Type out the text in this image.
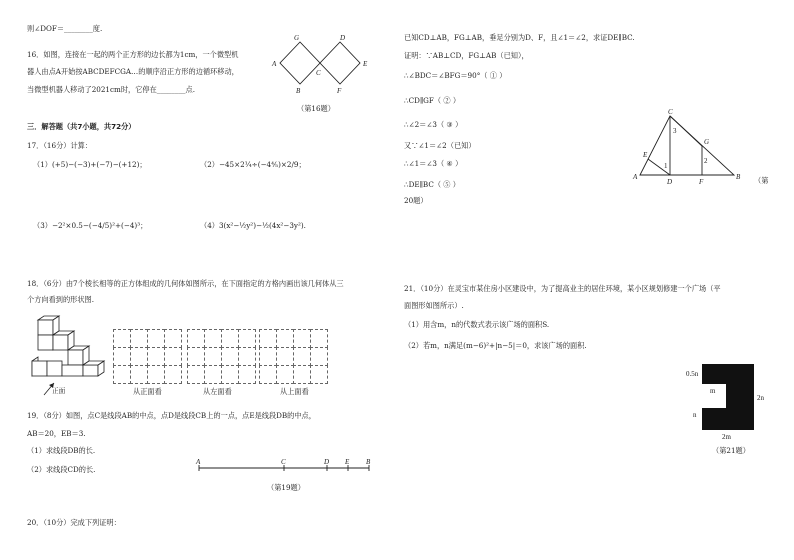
则∠DOF＝________度.
16．如图，连接在一起的两个正方形的边长都为1cm，一个微型机
器人由点A开始按ABCDEFCGA…的顺序沿正方形的边循环移动，
当微型机器人移动了2021cm时，它停在________点.
G	D
A
C
E
B	F
（第16题）
三．解答题（共7小题，共72分）
17．（16分）计算：
（1）(+5)−(−3)+(−7)−(+12)；	（2）−45×2¼÷(−4⅘)×2/9；
（3）−2²×0.5−(−4/5)²+(−4)³；	（4）3(x²−½y²)−½(4x²−3y²).
18．（6分）由7个棱长相等的正方体组成的几何体如图所示，在下面指定的方格内画出该几何体从三
个方向看到的形状图.
正面	从正面看	从左面看	从上面看
19．（8分）如图，点C是线段AB的中点，点D是线段CB上的一点，点E是线段DB的中点，
AB＝20，EB＝3.
（1）求线段DB的长.
（2）求线段CD的长.
A	C	D E B
（第19题）
20．（10分）完成下列证明：
已知CD⊥AB，FG⊥AB，垂足分别为D、F，且∠1＝∠2，求证DE∥BC.
证明：∵AB⊥CD，FG⊥AB（已知），
∴∠BDC＝∠BFG＝90°（ ① ）
∴CD∥GF（ ② ）
∴∠2＝∠3（ ③ ）
又∵∠1＝∠2（已知）
∴∠1＝∠3（ ④ ）
∴DE∥BC（ ⑤ ）
C
E
G
A
D	F
B
1
2
3
（第
20题）
21．（10分）在灵宝市某住房小区建设中，为了提高业主的居住环境，某小区规划修建一个广场（平
面图形如图所示）.
（1）用含m，n的代数式表示该广场的面积S.
（2）若m，n满足(m−6)²+|n−5|＝0，求该广场的面积.
0.5n
m
2n
n
2m
（第21题）
